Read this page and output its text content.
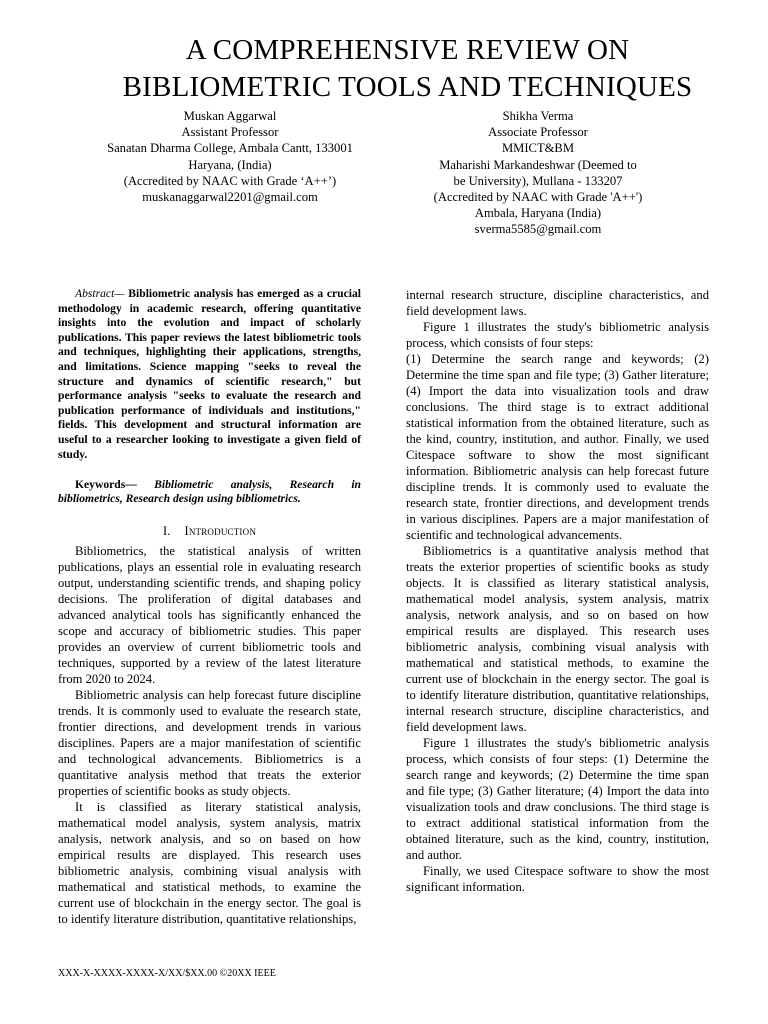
A COMPREHENSIVE REVIEW ON
BIBLIOMETRIC TOOLS AND TECHNIQUES
Muskan Aggarwal
Assistant Professor
Sanatan Dharma College, Ambala Cantt, 133001
Haryana, (India)
(Accredited by NAAC with Grade ‘A++’)
muskanaggarwal2201@gmail.com
Shikha Verma
Associate Professor
MMICT&BM
Maharishi Markandeshwar (Deemed to
be University), Mullana - 133207
(Accredited by NAAC with Grade 'A++')
Ambala, Haryana (India)
sverma5585@gmail.com

Abstract— Bibliometric analysis has emerged as a crucial methodology in academic research, offering quantitative insights into the evolution and impact of scholarly publications. This paper reviews the latest bibliometric tools and techniques, highlighting their applications, strengths, and limitations. Science mapping "seeks to reveal the structure and dynamics of scientific research," but performance analysis "seeks to evaluate the research and publication performance of individuals and institutions," fields. This development and structural information are useful to a researcher looking to investigate a given field of study.

Keywords— Bibliometric analysis, Research in bibliometrics, Research design using bibliometrics.

I. Introduction

Bibliometrics, the statistical analysis of written publications, plays an essential role in evaluating research output, understanding scientific trends, and shaping policy decisions. The proliferation of digital databases and advanced analytical tools has significantly enhanced the scope and accuracy of bibliometric studies. This paper provides an overview of current bibliometric tools and techniques, supported by a review of the latest literature from 2020 to 2024.

Bibliometric analysis can help forecast future discipline trends. It is commonly used to evaluate the research state, frontier directions, and development trends in various disciplines. Papers are a major manifestation of scientific and technological advancements. Bibliometrics is a quantitative analysis method that treats the exterior properties of scientific books as study objects.

It is classified as literary statistical analysis, mathematical model analysis, system analysis, matrix analysis, network analysis, and so on based on how empirical results are displayed. This research uses bibliometric analysis, combining visual analysis with mathematical and statistical methods, to examine the current use of blockchain in the energy sector. The goal is to identify literature distribution, quantitative relationships,

internal research structure, discipline characteristics, and field development laws.

Figure 1 illustrates the study's bibliometric analysis process, which consists of four steps:

(1) Determine the search range and keywords; (2) Determine the time span and file type; (3) Gather literature; (4) Import the data into visualization tools and draw conclusions. The third stage is to extract additional statistical information from the obtained literature, such as the kind, country, institution, and author. Finally, we used Citespace software to show the most significant information. Bibliometric analysis can help forecast future discipline trends. It is commonly used to evaluate the research state, frontier directions, and development trends in various disciplines. Papers are a major manifestation of scientific and technological advancements.

Bibliometrics is a quantitative analysis method that treats the exterior properties of scientific books as study objects. It is classified as literary statistical analysis, mathematical model analysis, system analysis, matrix analysis, network analysis, and so on based on how empirical results are displayed. This research uses bibliometric analysis, combining visual analysis with mathematical and statistical methods, to examine the current use of blockchain in the energy sector. The goal is to identify literature distribution, quantitative relationships, internal research structure, discipline characteristics, and field development laws.

Figure 1 illustrates the study's bibliometric analysis process, which consists of four steps: (1) Determine the search range and keywords; (2) Determine the time span and file type; (3) Gather literature; (4) Import the data into visualization tools and draw conclusions. The third stage is to extract additional statistical information from the obtained literature, such as the kind, country, institution, and author.

Finally, we used Citespace software to show the most significant information.

XXX-X-XXXX-XXXX-X/XX/$XX.00 ©20XX IEEE
